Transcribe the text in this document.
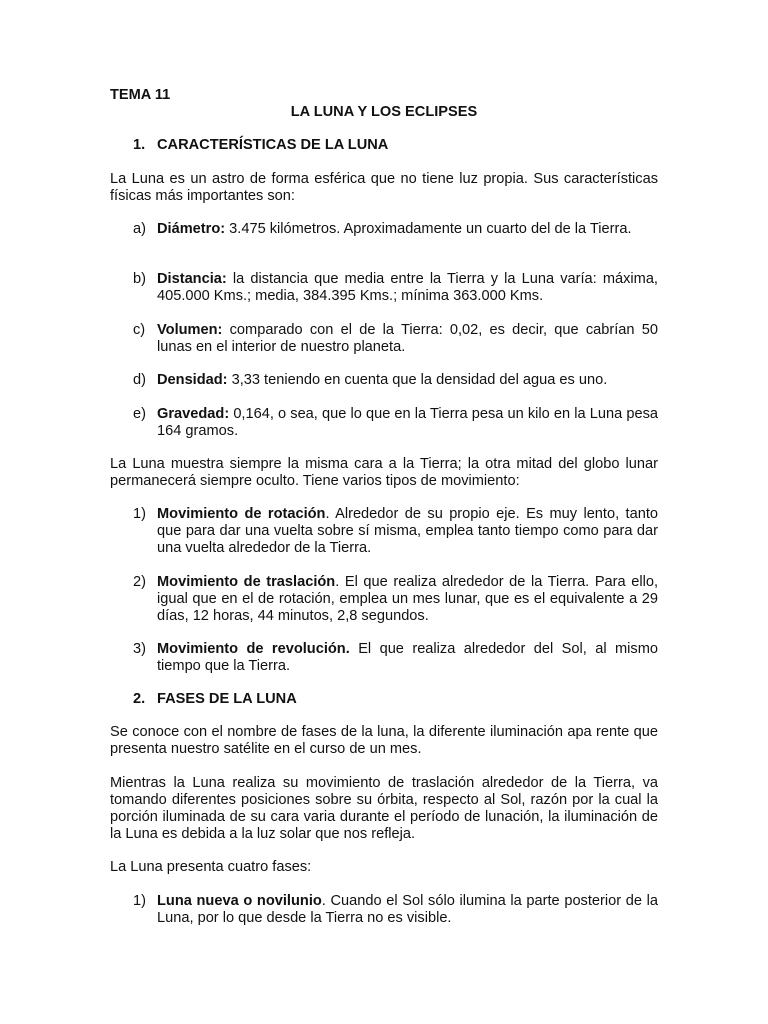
TEMA 11

LA LUNA Y LOS ECLIPSES

1. CARACTERÍSTICAS DE LA LUNA

La Luna es un astro de forma esférica que no tiene luz propia. Sus características físicas más importantes son:

a) Diámetro: 3.475 kilómetros. Aproximadamente un cuarto del de la Tierra.

b) Distancia: la distancia que media entre la Tierra y la Luna varía: máxima, 405.000 Kms.; media, 384.395 Kms.; mínima 363.000 Kms.

c) Volumen: comparado con el de la Tierra: 0,02, es decir, que cabrían 50 lunas en el interior de nuestro planeta.

d) Densidad: 3,33 teniendo en cuenta que la densidad del agua es uno.

e) Gravedad: 0,164, o sea, que lo que en la Tierra pesa un kilo en la Luna pesa 164 gramos.

La Luna muestra siempre la misma cara a la Tierra; la otra mitad del globo lunar permanecerá siempre oculto. Tiene varios tipos de movimiento:

1) Movimiento de rotación. Alrededor de su propio eje. Es muy lento, tanto que para dar una vuelta sobre sí misma, emplea tanto tiempo como para dar una vuelta alrededor de la Tierra.

2) Movimiento de traslación. El que realiza alrededor de la Tierra. Para ello, igual que en el de rotación, emplea un mes lunar, que es el equivalente a 29 días, 12 horas, 44 minutos, 2,8 segundos.

3) Movimiento de revolución. El que realiza alrededor del Sol, al mismo tiempo que la Tierra.

2. FASES DE LA LUNA

Se conoce con el nombre de fases de la luna, la diferente iluminación apa rente que presenta nuestro satélite en el curso de un mes.

Mientras la Luna realiza su movimiento de traslación alrededor de la Tierra, va tomando diferentes posiciones sobre su órbita, respecto al Sol, razón por la cual la porción iluminada de su cara varia durante el período de lunación, la iluminación de la Luna es debida a la luz solar que nos refleja.

La Luna presenta cuatro fases:

1) Luna nueva o novilunio. Cuando el Sol sólo ilumina la parte posterior de la Luna, por lo que desde la Tierra no es visible.
